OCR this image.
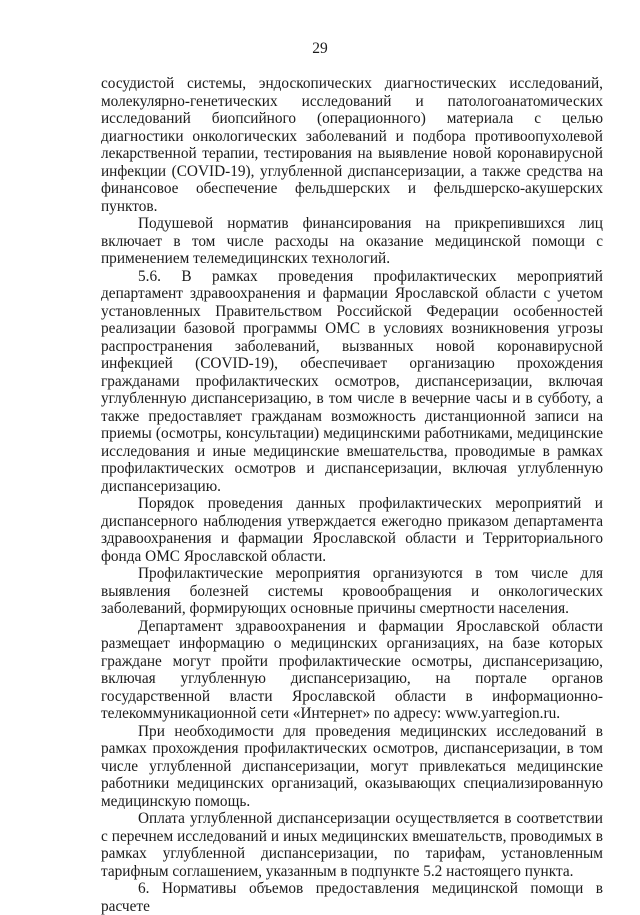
29

сосудистой системы, эндоскопических диагностических исследований, молекулярно-генетических исследований и патологоанатомических исследований биопсийного (операционного) материала с целью диагностики онкологических заболеваний и подбора противоопухолевой лекарственной терапии, тестирования на выявление новой коронавирусной инфекции (COVID-19), углубленной диспансеризации, а также средства на финансовое обеспечение фельдшерских и фельдшерско-акушерских пунктов.

Подушевой норматив финансирования на прикрепившихся лиц включает в том числе расходы на оказание медицинской помощи с применением телемедицинских технологий.

5.6. В рамках проведения профилактических мероприятий департамент здравоохранения и фармации Ярославской области с учетом установленных Правительством Российской Федерации особенностей реализации базовой программы ОМС в условиях возникновения угрозы распространения заболеваний, вызванных новой коронавирусной инфекцией (COVID-19), обеспечивает организацию прохождения гражданами профилактических осмотров, диспансеризации, включая углубленную диспансеризацию, в том числе в вечерние часы и в субботу, а также предоставляет гражданам возможность дистанционной записи на приемы (осмотры, консультации) медицинскими работниками, медицинские исследования и иные медицинские вмешательства, проводимые в рамках профилактических осмотров и диспансеризации, включая углубленную диспансеризацию.

Порядок проведения данных профилактических мероприятий и диспансерного наблюдения утверждается ежегодно приказом департамента здравоохранения и фармации Ярославской области и Территориального фонда ОМС Ярославской области.

Профилактические мероприятия организуются в том числе для выявления болезней системы кровообращения и онкологических заболеваний, формирующих основные причины смертности населения.

Департамент здравоохранения и фармации Ярославской области размещает информацию о медицинских организациях, на базе которых граждане могут пройти профилактические осмотры, диспансеризацию, включая углубленную диспансеризацию, на портале органов государственной власти Ярославской области в информационно-телекоммуникационной сети «Интернет» по адресу: www.yarregion.ru.

При необходимости для проведения медицинских исследований в рамках прохождения профилактических осмотров, диспансеризации, в том числе углубленной диспансеризации, могут привлекаться медицинские работники медицинских организаций, оказывающих специализированную медицинскую помощь.

Оплата углубленной диспансеризации осуществляется в соответствии с перечнем исследований и иных медицинских вмешательств, проводимых в рамках углубленной диспансеризации, по тарифам, установленным тарифным соглашением, указанным в подпункте 5.2 настоящего пункта.

6. Нормативы объемов предоставления медицинской помощи в расчете
